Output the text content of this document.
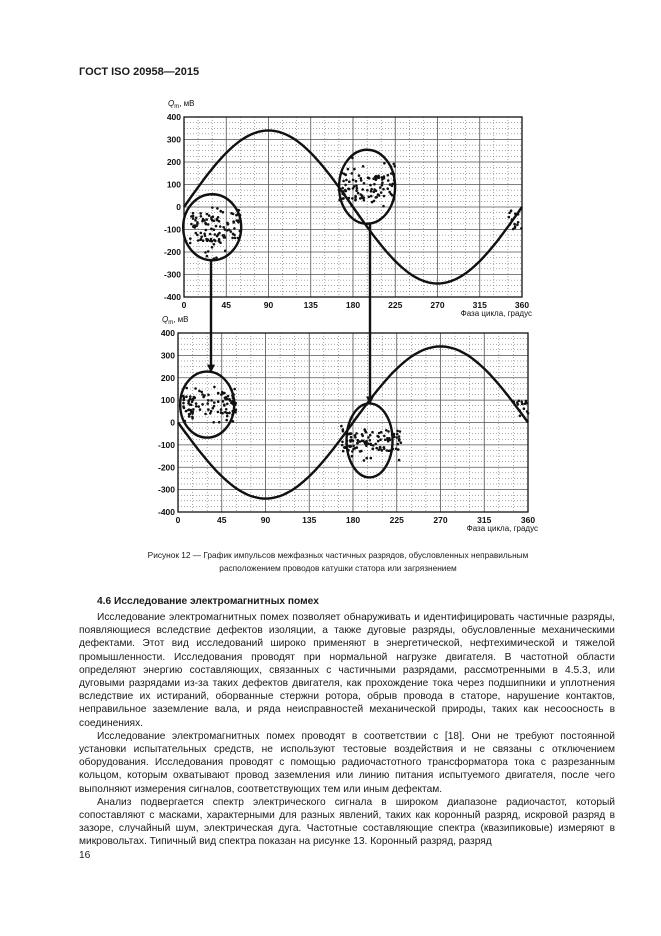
ГОСТ ISO 20958—2015
400
300
200
100
0
-100
-200
-300
-400
0	45	90	135	180	225	270	315	360
$Q_m$, мВ
Фаза цикла, градус
400
300
200
100
0
-100
-200
-300
-400
0	45	90	135	180	225	270	315	360
$Q_m$, мВ
Фаза цикла, градус
Рисунок 12 — График импульсов межфазных частичных разрядов, обусловленных неправильным
расположением проводов катушки статора или загрязнением
4.6 Исследование электромагнитных помех

Исследование электромагнитных помех позволяет обнаруживать и идентифицировать частичные разряды, появляющиеся вследствие дефектов изоляции, а также дуговые разряды, обусловленные механическими дефектами. Этот вид исследований широко применяют в энергетической, нефтехимической и тяжелой промышленности. Исследования проводят при нормальной нагрузке двигателя. В частотной области определяют энергию составляющих, связанных с частичными разрядами, рассмотренными в 4.5.3, или дуговыми разрядами из-за таких дефектов двигателя, как прохождение тока через подшипники и уплотнения вследствие их истираний, оборванные стержни ротора, обрыв провода в статоре, нарушение контактов, неправильное заземление вала, и ряда неисправностей механической природы, таких как несоосность в соединениях.

Исследование электромагнитных помех проводят в соответствии с [18]. Они не требуют постоянной установки испытательных средств, не используют тестовые воздействия и не связаны с отключением оборудования. Исследования проводят с помощью радиочастотного трансформатора тока с разрезанным кольцом, которым охватывают провод заземления или линию питания испытуемого двигателя, после чего выполняют измерения сигналов, соответствующих тем или иным дефектам.

Анализ подвергается спектр электрического сигнала в широком диапазоне радиочастот, который сопоставляют с масками, характерными для разных явлений, таких как коронный разряд, искровой разряд в зазоре, случайный шум, электрическая дуга. Частотные составляющие спектра (квазипиковые) измеряют в микровольтах. Типичный вид спектра показан на рисунке 13. Коронный разряд, разряд

16
